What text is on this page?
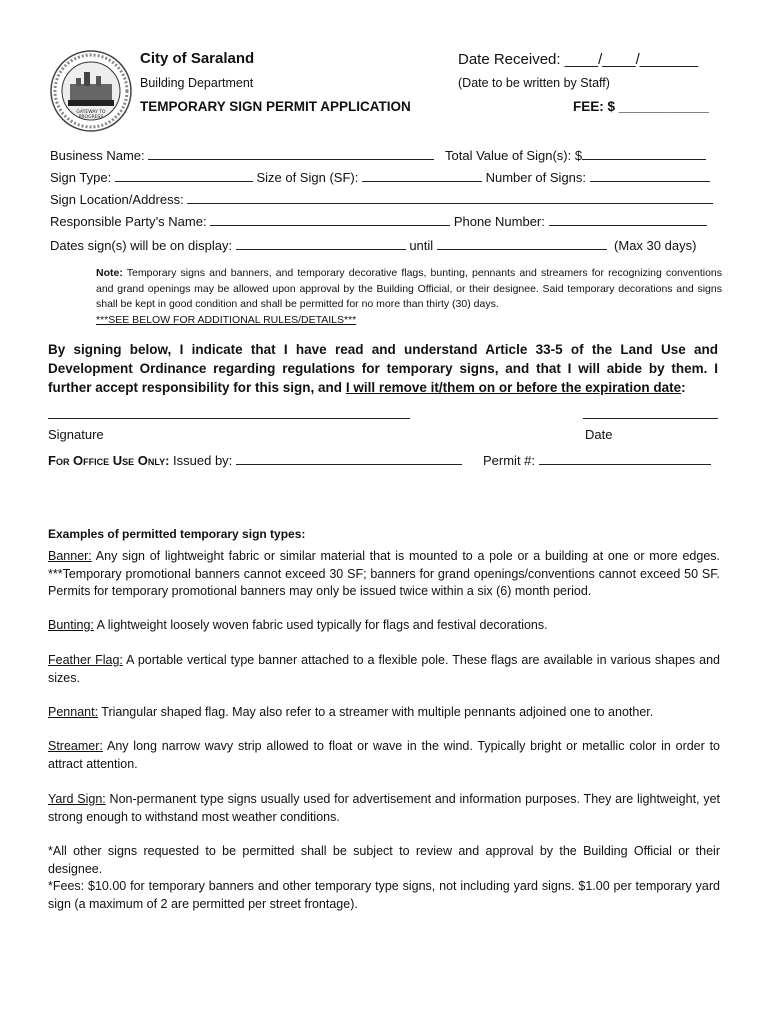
GATEWAY TO
PROGRESS
City of Saraland
Building Department
TEMPORARY SIGN PERMIT APPLICATION
Date Received: ____/____/_______
(Date to be written by Staff)
FEE: $ ____________
Business Name:	Total Value of Sign(s): $
Sign Type:	Size of Sign (SF):	Number of Signs:
Sign Location/Address:
Responsible Party’s Name:	Phone Number:
Dates sign(s) will be on display:	until	(Max 30 days)
Note: Temporary signs and banners, and temporary decorative flags, bunting, pennants and streamers for recognizing conventions and grand openings may be allowed upon approval by the Building Official, or their designee. Said temporary decorations and signs shall be kept in good condition and shall be permitted for no more than thirty (30) days.
***SEE BELOW FOR ADDITIONAL RULES/DETAILS***
By signing below, I indicate that I have read and understand Article 33-5 of the Land Use and Development Ordinance regarding regulations for temporary signs, and that I will abide by them. I further accept responsibility for this sign, and I will remove it/them on or before the expiration date:
Signature	Date
For Office Use Only: Issued by:	Permit #:
Examples of permitted temporary sign types:
Banner: Any sign of lightweight fabric or similar material that is mounted to a pole or a building at one or more edges. ***Temporary promotional banners cannot exceed 30 SF; banners for grand openings/conventions cannot exceed 50 SF. Permits for temporary promotional banners may only be issued twice within a six (6) month period.
Bunting: A lightweight loosely woven fabric used typically for flags and festival decorations.
Feather Flag: A portable vertical type banner attached to a flexible pole. These flags are available in various shapes and sizes.
Pennant: Triangular shaped flag. May also refer to a streamer with multiple pennants adjoined one to another.
Streamer: Any long narrow wavy strip allowed to float or wave in the wind. Typically bright or metallic color in order to attract attention.
Yard Sign: Non-permanent type signs usually used for advertisement and information purposes. They are lightweight, yet strong enough to withstand most weather conditions.
*All other signs requested to be permitted shall be subject to review and approval by the Building Official or their designee.
*Fees: $10.00 for temporary banners and other temporary type signs, not including yard signs. $1.00 per temporary yard sign (a maximum of 2 are permitted per street frontage).
